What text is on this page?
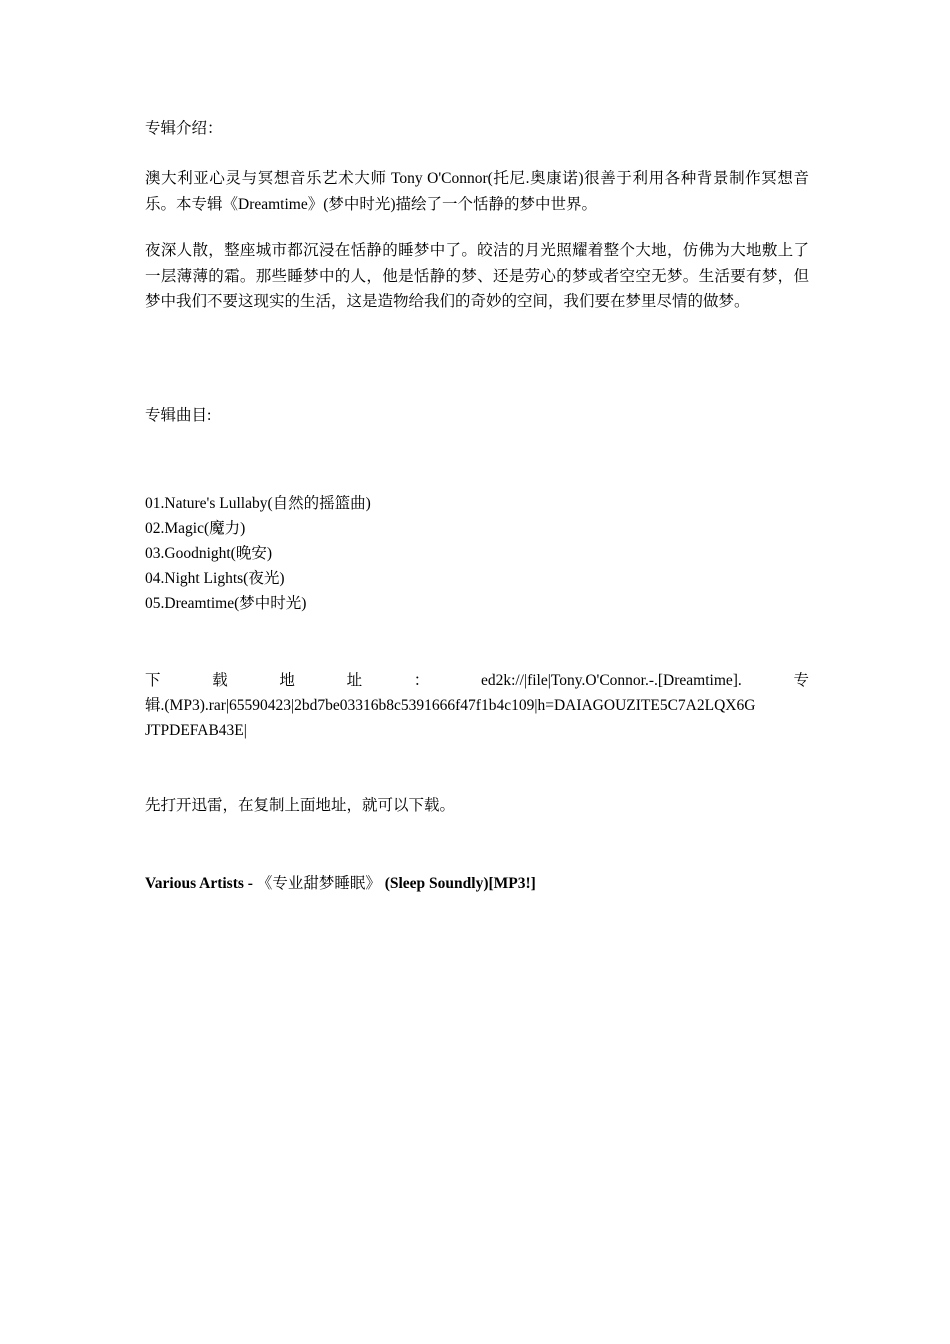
专辑介绍：
澳大利亚心灵与冥想音乐艺术大师 Tony O'Connor(托尼.奥康诺)很善于利用各种背景制作冥想音乐。本专辑《Dreamtime》(梦中时光)描绘了一个恬静的梦中世界。
夜深人散，整座城市都沉浸在恬静的睡梦中了。皎洁的月光照耀着整个大地，仿佛为大地敷上了一层薄薄的霜。那些睡梦中的人，他是恬静的梦、还是劳心的梦或者空空无梦。生活要有梦，但梦中我们不要这现实的生活，这是造物给我们的奇妙的空间，我们要在梦里尽情的做梦。
专辑曲目:
01.Nature's Lullaby(自然的摇篮曲)
02.Magic(魔力)
03.Goodnight(晚安)
04.Night Lights(夜光)
05.Dreamtime(梦中时光)
下	载	地	址	：	ed2k://|file|Tony.O'Connor.-.[Dreamtime].	专
辑.(MP3).rar|65590423|2bd7be03316b8c5391666f47f1b4c109|h=DAIAGOUZITE5C7A2LQX6G
JTPDEFAB43E|
先打开迅雷，在复制上面地址，就可以下载。
Various Artists - 《专业甜梦睡眠》 (Sleep Soundly)[MP3!]
